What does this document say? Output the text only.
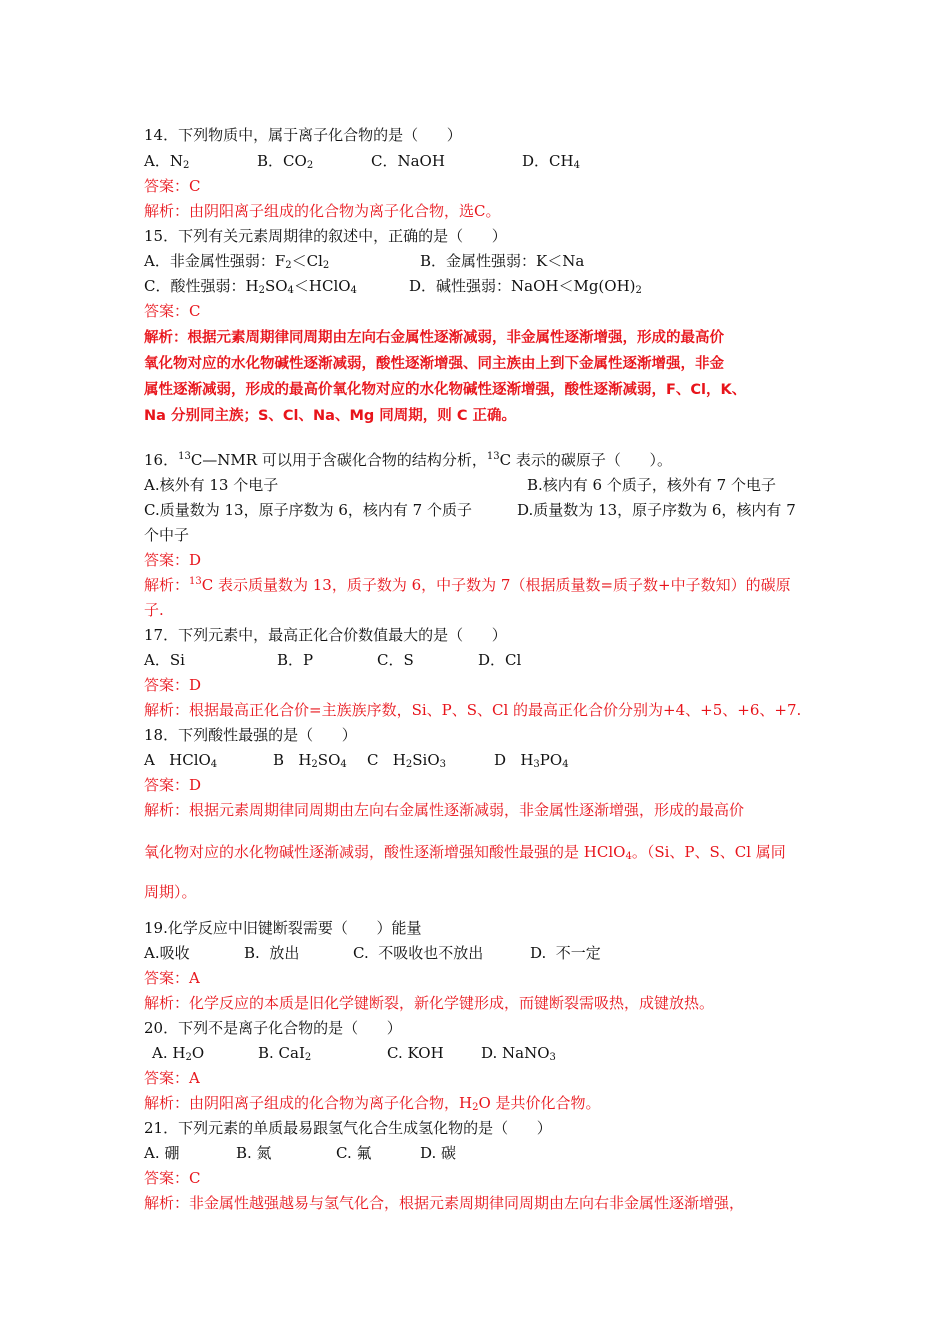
14．下列物质中，属于离子化合物的是（      ）
A．$N_2$	B．$CO_2$	C．NaOH	D．$CH_4$
答案：C
解析：由阴阳离子组成的化合物为离子化合物，选C。
15．下列有关元素周期律的叙述中，正确的是（      ）
A．非金属性强弱：$F_2<Cl_2$	B．金属性强弱：K＜Na
C．酸性强弱：$H_2SO_4<HClO_4$	D．碱性强弱：$NaOH<Mg(OH)_2$
答案：C
解析：根据元素周期律同周期由左向右金属性逐渐减弱，非金属性逐渐增强，形成的最高价
氧化物对应的水化物碱性逐渐减弱，酸性逐渐增强、同主族由上到下金属性逐渐增强，非金
属性逐渐减弱，形成的最高价氧化物对应的水化物碱性逐渐增强，酸性逐渐减弱，F、Cl，K、
Na 分别同主族；S、Cl、Na、Mg 同周期，则 C 正确。
16．$^{13}$C—NMR 可以用于含碳化合物的结构分析，$^{13}$C 表示的碳原子（      ）。
A.核外有 13 个电子	B.核内有 6 个质子，核外有 7 个电子
C.质量数为 13，原子序数为 6，核内有 7 个质子	D.质量数为 13，原子序数为 6，核内有 7
个中子
答案：D
解析：$^{13}$C 表示质量数为 13，质子数为 6，中子数为 7（根据质量数=质子数+中子数知）的碳原
子.
17．下列元素中，最高正化合价数值最大的是（      ）
A．Si	B．P	C．S	D．Cl
答案：D
解析：根据最高正化合价=主族族序数，Si、P、S、Cl 的最高正化合价分别为+4、+5、+6、+7.
18．下列酸性最强的是（      ）
A   HClO$_4$	B   $H_2SO_4$ C   $H_2SiO_3$	D   $H_3PO_4$
答案：D
解析：根据元素周期律同周期由左向右金属性逐渐减弱，非金属性逐渐增强，形成的最高价
氧化物对应的水化物碱性逐渐减弱，酸性逐渐增强知酸性最强的是 HClO$_4$。（Si、P、S、Cl 属同
周期）。
19.化学反应中旧键断裂需要（      ）能量
A.吸收	B.  放出	C.  不吸收也不放出	D.  不一定
答案：A
解析：化学反应的本质是旧化学键断裂，新化学键形成，而键断裂需吸热，成键放热。
20．下列不是离子化合物的是（      ）
A. $H_2O$	B. CaI$_2$	C. KOH D. NaNO$_3$
答案：A
解析：由阴阳离子组成的化合物为离子化合物，$H_2O$ 是共价化合物。
21．下列元素的单质最易跟氢气化合生成氢化物的是（      ）
A. 硼	B. 氮	C. 氟	D. 碳
答案：C
解析：非金属性越强越易与氢气化合，根据元素周期律同周期由左向右非金属性逐渐增强，
